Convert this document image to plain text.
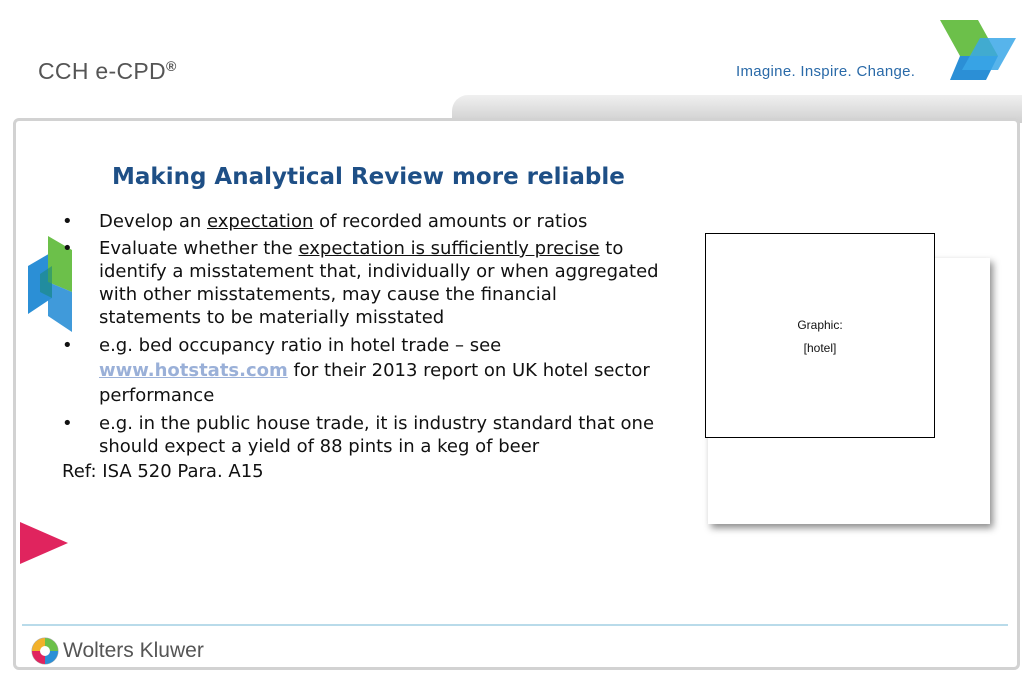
CCH e-CPD®	Imagine. Inspire. Change.
Making Analytical Review more reliable
• Develop an expectation of recorded amounts or ratios
• Evaluate whether the expectation is sufficiently precise to identify a misstatement that, individually or when aggregated with other misstatements, may cause the financial statements to be materially misstated
• e.g. bed occupancy ratio in hotel trade – see
www.hotstats.com for their 2013 report on UK hotel sector performance
• e.g. in the public house trade, it is industry standard that one should expect a yield of 88 pints in a keg of beer
Ref: ISA 520 Para. A15
Graphic:
[hotel]
Wolters Kluwer
